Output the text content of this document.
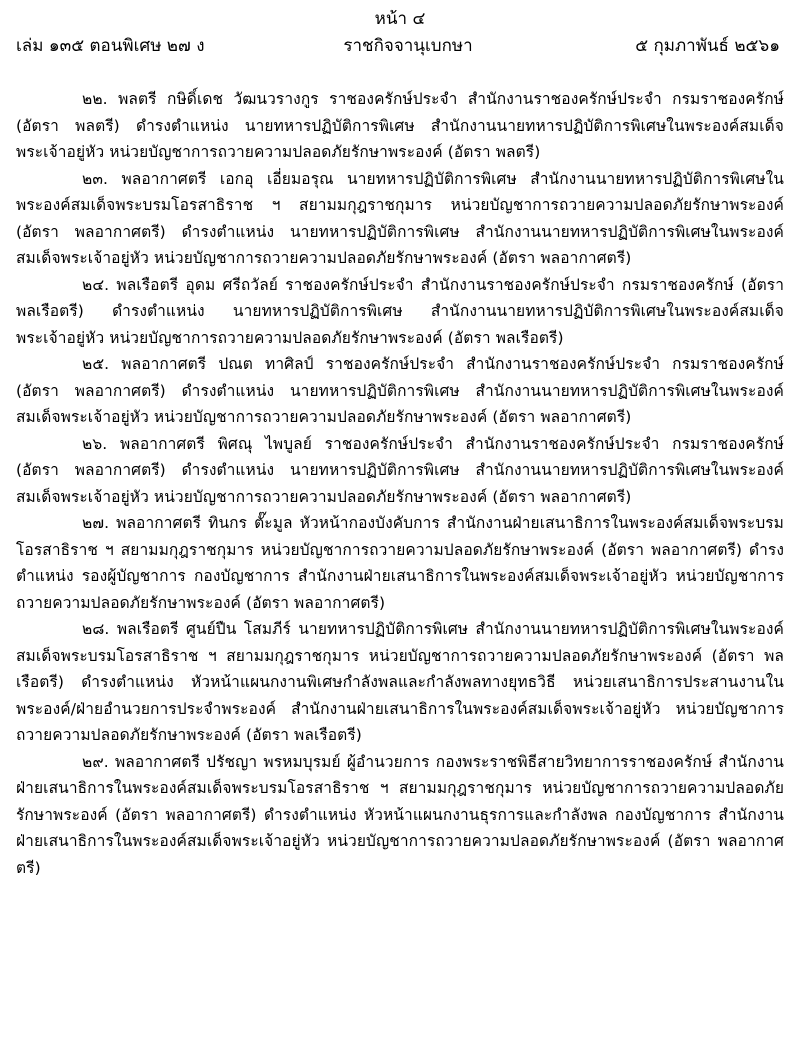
หน้า ๔
เล่ม ๑๓๕ ตอนพิเศษ ๒๗ ง	ราชกิจจานุเบกษา	๕ กุมภาพันธ์ ๒๕๖๑

๒๒. พลตรี กษิดิ์เดช วัฒนวรางกูร ราชองครักษ์ประจำ สำนักงานราชองครักษ์ประจำ กรมราชองครักษ์ (อัตรา พลตรี) ดำรงตำแหน่ง นายทหารปฏิบัติการพิเศษ สำนักงานนายทหารปฏิบัติการพิเศษในพระองค์สมเด็จพระเจ้าอยู่หัว หน่วยบัญชาการถวายความปลอดภัยรักษาพระองค์ (อัตรา พลตรี)

๒๓. พลอากาศตรี เอกอุ เอี่ยมอรุณ นายทหารปฏิบัติการพิเศษ สำนักงานนายทหารปฏิบัติการพิเศษในพระองค์สมเด็จพระบรมโอรสาธิราช ฯ สยามมกุฎราชกุมาร หน่วยบัญชาการถวายความปลอดภัยรักษาพระองค์ (อัตรา พลอากาศตรี) ดำรงตำแหน่ง นายทหารปฏิบัติการพิเศษ สำนักงานนายทหารปฏิบัติการพิเศษในพระองค์สมเด็จพระเจ้าอยู่หัว หน่วยบัญชาการถวายความปลอดภัยรักษาพระองค์ (อัตรา พลอากาศตรี)

๒๔. พลเรือตรี อุดม ศรีถวัลย์ ราชองครักษ์ประจำ สำนักงานราชองครักษ์ประจำ กรมราชองครักษ์ (อัตรา พลเรือตรี) ดำรงตำแหน่ง นายทหารปฏิบัติการพิเศษ สำนักงานนายทหารปฏิบัติการพิเศษในพระองค์สมเด็จพระเจ้าอยู่หัว หน่วยบัญชาการถวายความปลอดภัยรักษาพระองค์ (อัตรา พลเรือตรี)

๒๕. พลอากาศตรี ปณต ทาศิลป์ ราชองครักษ์ประจำ สำนักงานราชองครักษ์ประจำ กรมราชองครักษ์ (อัตรา พลอากาศตรี) ดำรงตำแหน่ง นายทหารปฏิบัติการพิเศษ สำนักงานนายทหารปฏิบัติการพิเศษในพระองค์สมเด็จพระเจ้าอยู่หัว หน่วยบัญชาการถวายความปลอดภัยรักษาพระองค์ (อัตรา พลอากาศตรี)

๒๖. พลอากาศตรี พิศณุ ไพบูลย์ ราชองครักษ์ประจำ สำนักงานราชองครักษ์ประจำ กรมราชองครักษ์ (อัตรา พลอากาศตรี) ดำรงตำแหน่ง นายทหารปฏิบัติการพิเศษ สำนักงานนายทหารปฏิบัติการพิเศษในพระองค์สมเด็จพระเจ้าอยู่หัว หน่วยบัญชาการถวายความปลอดภัยรักษาพระองค์ (อัตรา พลอากาศตรี)

๒๗. พลอากาศตรี ทินกร ตั๊ะมูล หัวหน้ากองบังคับการ สำนักงานฝ่ายเสนาธิการในพระองค์สมเด็จพระบรมโอรสาธิราช ฯ สยามมกุฎราชกุมาร หน่วยบัญชาการถวายความปลอดภัยรักษาพระองค์ (อัตรา พลอากาศตรี) ดำรงตำแหน่ง รองผู้บัญชาการ กองบัญชาการ สำนักงานฝ่ายเสนาธิการในพระองค์สมเด็จพระเจ้าอยู่หัว หน่วยบัญชาการถวายความปลอดภัยรักษาพระองค์ (อัตรา พลอากาศตรี)

๒๘. พลเรือตรี ศูนย์ปืน โสมภีร์ นายทหารปฏิบัติการพิเศษ สำนักงานนายทหารปฏิบัติการพิเศษในพระองค์สมเด็จพระบรมโอรสาธิราช ฯ สยามมกุฎราชกุมาร หน่วยบัญชาการถวายความปลอดภัยรักษาพระองค์ (อัตรา พลเรือตรี) ดำรงตำแหน่ง หัวหน้าแผนกงานพิเศษกำลังพลและกำลังพลทางยุทธวิธี หน่วยเสนาธิการประสานงานในพระองค์/ฝ่ายอำนวยการประจำพระองค์ สำนักงานฝ่ายเสนาธิการในพระองค์สมเด็จพระเจ้าอยู่หัว หน่วยบัญชาการถวายความปลอดภัยรักษาพระองค์ (อัตรา พลเรือตรี)

๒๙. พลอากาศตรี ปรัชญา พรหมบุรมย์ ผู้อำนวยการ กองพระราชพิธีสายวิทยาการราชองครักษ์ สำนักงานฝ่ายเสนาธิการในพระองค์สมเด็จพระบรมโอรสาธิราช ฯ สยามมกุฎราชกุมาร หน่วยบัญชาการถวายความปลอดภัยรักษาพระองค์ (อัตรา พลอากาศตรี) ดำรงตำแหน่ง หัวหน้าแผนกงานธุรการและกำลังพล กองบัญชาการ สำนักงานฝ่ายเสนาธิการในพระองค์สมเด็จพระเจ้าอยู่หัว หน่วยบัญชาการถวายความปลอดภัยรักษาพระองค์ (อัตรา พลอากาศตรี)
